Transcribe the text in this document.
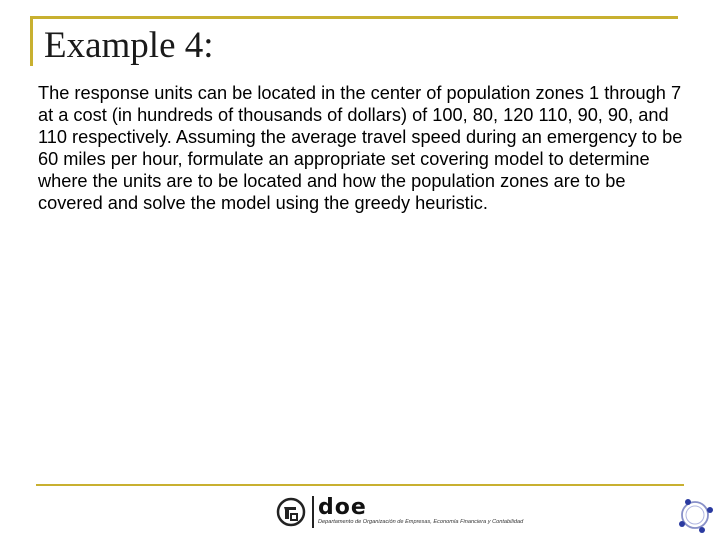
Example 4:
The response units can be located in the center of population zones 1 through 7 at a cost (in hundreds of thousands of dollars) of 100, 80, 120 110, 90, 90, and 110 respectively. Assuming the average travel speed during an emergency to be 60 miles per hour, formulate an appropriate set covering model to determine where the units are to be located and how the population zones are to be covered and solve the model using the greedy heuristic.
doe
Departamento de Organización de Empresas, Economía Financiera y Contabilidad
